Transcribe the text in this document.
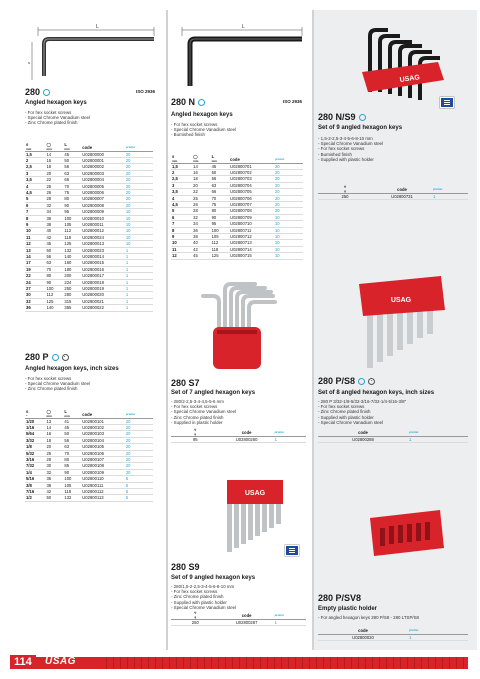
L
s
280	ISO 2936
Angled hexagon keys
- For hex socket screws
- Special Chrome Vanadium steel
- Zinc Chrome plated finish
s
mm	◯
mm	L
mm	code	promo
1,5	14	45	U02800000	20
2	16	50	U02800001	20
2,5	18	56	U02800002	20
3	20	63	U02800003	20
3,5	22	66	U02800004	20
4	25	70	U02800005	20
4,5	26	75	U02800006	20
5	28	80	U02800007	20
6	32	90	U02800008	20
7	34	95	U02800009	10
8	36	100	U02800010	10
9	38	105	U02800011	10
10	40	112	U02800012	10
11	42	118	U02800024	10
12	45	125	U02800013	10
13	50	132	U02800023	1
14	56	140	U02800014	1
17	63	160	U02800015	1
19	70	180	U02800016	1
22	80	200	U02800017	1
24	90	224	U02800018	1
27	100	250	U02800019	1
30	112	280	U02800020	1
32	125	315	U02800021	1
36	140	355	U02800022	1
280 P
Angled hexagon keys, inch sizes
- For hex socket screws
- Special Chrome Vanadium steel
- Zinc Chrome plated finish
s
"	◯
mm	L
mm	code	promo
1/20	13	41	U02800101	20
1/16	14	45	U02800102	20
5/64	16	50	U02800103	20
3/32	18	56	U02800104	20
1/8	20	63	U02800105	20
5/32	25	70	U02800106	20
3/16	28	80	U02800107	20
7/32	30	85	U02800108	20
1/4	32	90	U02800109	20
5/16	36	100	U02800110	5
3/8	38	105	U02800111	5
7/16	42	118	U02800112	5
1/2	50	132	U02800113	5
L
280 N	ISO 2936
Angled hexagon keys
- For hex socket screws
- Special Chrome Vanadium steel
- Burnished finish
s
mm	◯
mm	L
mm	code	promo
1,5	14	45	U02800701	20
2	16	50	U02800702	20
2,5	18	56	U02800703	20
3	20	63	U02800704	20
3,5	22	66	U02800705	20
4	25	70	U02800706	20
4,5	26	75	U02800707	20
5	28	80	U02800708	20
6	32	90	U02800709	10
7	34	95	U02800710	10
8	36	100	U02800711	10
9	38	105	U02800712	10
10	40	112	U02800713	10
11	42	118	U02800714	10
12	45	125	U02800715	10
280 S7
Set of 7 angled hexagon keys
- 280/2-2,5-3-4-4,5-5-6 mm
- For hex socket screws
- Special Chrome Vanadium steel
- Zinc Chrome plated finish
- Supplied in plastic holder
▿
g	code	promo
95	U02800260	1
USAG
280 S9
Set of 9 angled hexagon keys
- 280/1,5-2-2,5-3-4-5-6-8-10 mm
- For hex socket screws
- Zinc Chrome plated finish
- Supplied with plastic holder
- Special Chrome Vanadium steel
▿
g	code	promo
250	U02800287	1
USAG
280 N/S9
Set of 9 angled hexagon keys
- 1,5-2-2,5-3-4-5-6-8-10 mm
- Special Chrome Vanadium steel
- For hex socket screws
- Burnished finish
- Supplied with plastic holder
▿
g	code	promo
250	U02800731	1
USAG
280 P/S8
Set of 8 angled hexagon keys, inch sizes
- 280 P 3/32-1/8-5/32-3/16-7/32-1/4-5/16-3/8"
- For hex socket screws
- Zinc Chrome plated finish
- Supplied with plastic holder
- Special Chrome Vanadium steel
code	promo
U02800288	1
280 P/SV8
Empty plastic holder
- For angled hexagon keys 280 P/S8 - 280 LTSP/S8
code	promo
U02800020	1
114	USAG
